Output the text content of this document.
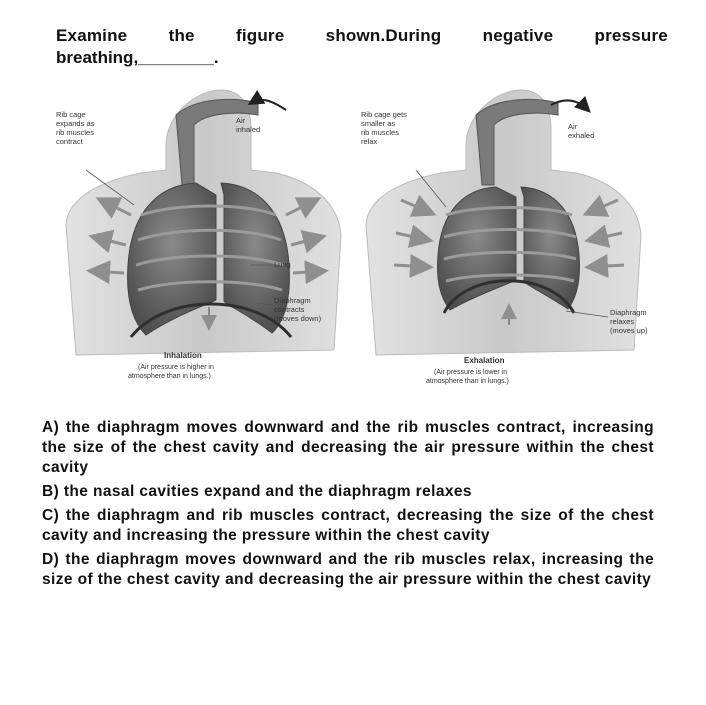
Examine the figure shown.During negative pressure
breathing,________.
Rib cage expands as rib muscles contract
Air inhaled
Lung
Diaphragm contracts (moves down)
Inhalation
(Air pressure is higher in atmosphere than in lungs.)
Rib cage gets smaller as rib muscles relax
Air exhaled
Diaphragm relaxes (moves up)
Exhalation
(Air pressure is lower in atmosphere than in lungs.)

A) the diaphragm moves downward and the rib muscles contract, increasing the size of the chest cavity and decreasing the air pressure within the chest cavity

B) the nasal cavities expand and the diaphragm relaxes

C) the diaphragm and rib muscles contract, decreasing the size of the chest cavity and increasing the pressure within the chest cavity

D) the diaphragm moves downward and the rib muscles relax, increasing the size of the chest cavity and decreasing the air pressure within the chest cavity
